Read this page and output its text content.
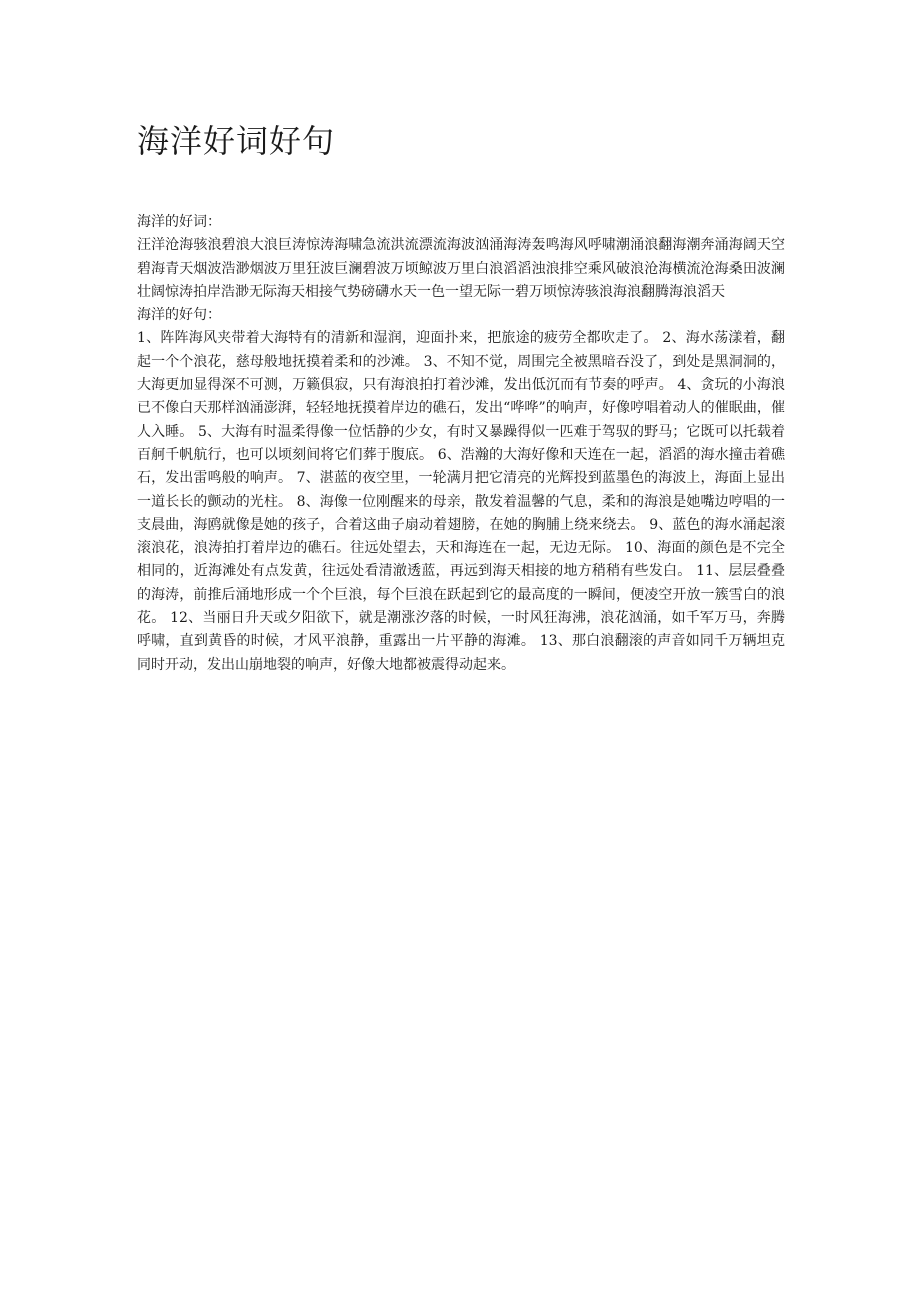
海洋好词好句

海洋的好词：

汪洋沧海骇浪碧浪大浪巨涛惊涛海啸急流洪流漂流海波汹涌海涛轰鸣海风呼啸潮涌浪翻海潮奔涌海阔天空碧海青天烟波浩渺烟波万里狂波巨澜碧波万顷鲸波万里白浪滔滔浊浪排空乘风破浪沧海横流沧海桑田波澜壮阔惊涛拍岸浩渺无际海天相接气势磅礴水天一色一望无际一碧万顷惊涛骇浪海浪翻腾海浪滔天

海洋的好句：

1、阵阵海风夹带着大海特有的清新和湿润，迎面扑来，把旅途的疲劳全都吹走了。 2、海水荡漾着，翻起一个个浪花，慈母般地抚摸着柔和的沙滩。 3、不知不觉，周围完全被黑暗吞没了，到处是黑洞洞的，大海更加显得深不可测，万籁俱寂，只有海浪拍打着沙滩，发出低沉而有节奏的呼声。 4、贪玩的小海浪已不像白天那样汹涌澎湃，轻轻地抚摸着岸边的礁石，发出“哗哗”的响声，好像哼唱着动人的催眠曲，催人入睡。 5、大海有时温柔得像一位恬静的少女，有时又暴躁得似一匹难于驾驭的野马；它既可以托载着百舸千帆航行，也可以顷刻间将它们葬于腹底。 6、浩瀚的大海好像和天连在一起，滔滔的海水撞击着礁石，发出雷鸣般的响声。 7、湛蓝的夜空里，一轮满月把它清亮的光辉投到蓝墨色的海波上，海面上显出一道长长的颤动的光柱。 8、海像一位刚醒来的母亲，散发着温馨的气息，柔和的海浪是她嘴边哼唱的一支晨曲，海鸥就像是她的孩子，合着这曲子扇动着翅膀，在她的胸脯上绕来绕去。 9、蓝色的海水涌起滚滚浪花，浪涛拍打着岸边的礁石。往远处望去，天和海连在一起，无边无际。 10、海面的颜色是不完全相同的，近海滩处有点发黄，往远处看清澈透蓝，再远到海天相接的地方稍稍有些发白。 11、层层叠叠的海涛，前推后涌地形成一个个巨浪，每个巨浪在跃起到它的最高度的一瞬间，便凌空开放一簇雪白的浪花。 12、当丽日升天或夕阳欲下，就是潮涨汐落的时候，一时风狂海沸，浪花汹涌，如千军万马，奔腾呼啸，直到黄昏的时候，才风平浪静，重露出一片平静的海滩。 13、那白浪翻滚的声音如同千万辆坦克同时开动，发出山崩地裂的响声，好像大地都被震得动起来。
